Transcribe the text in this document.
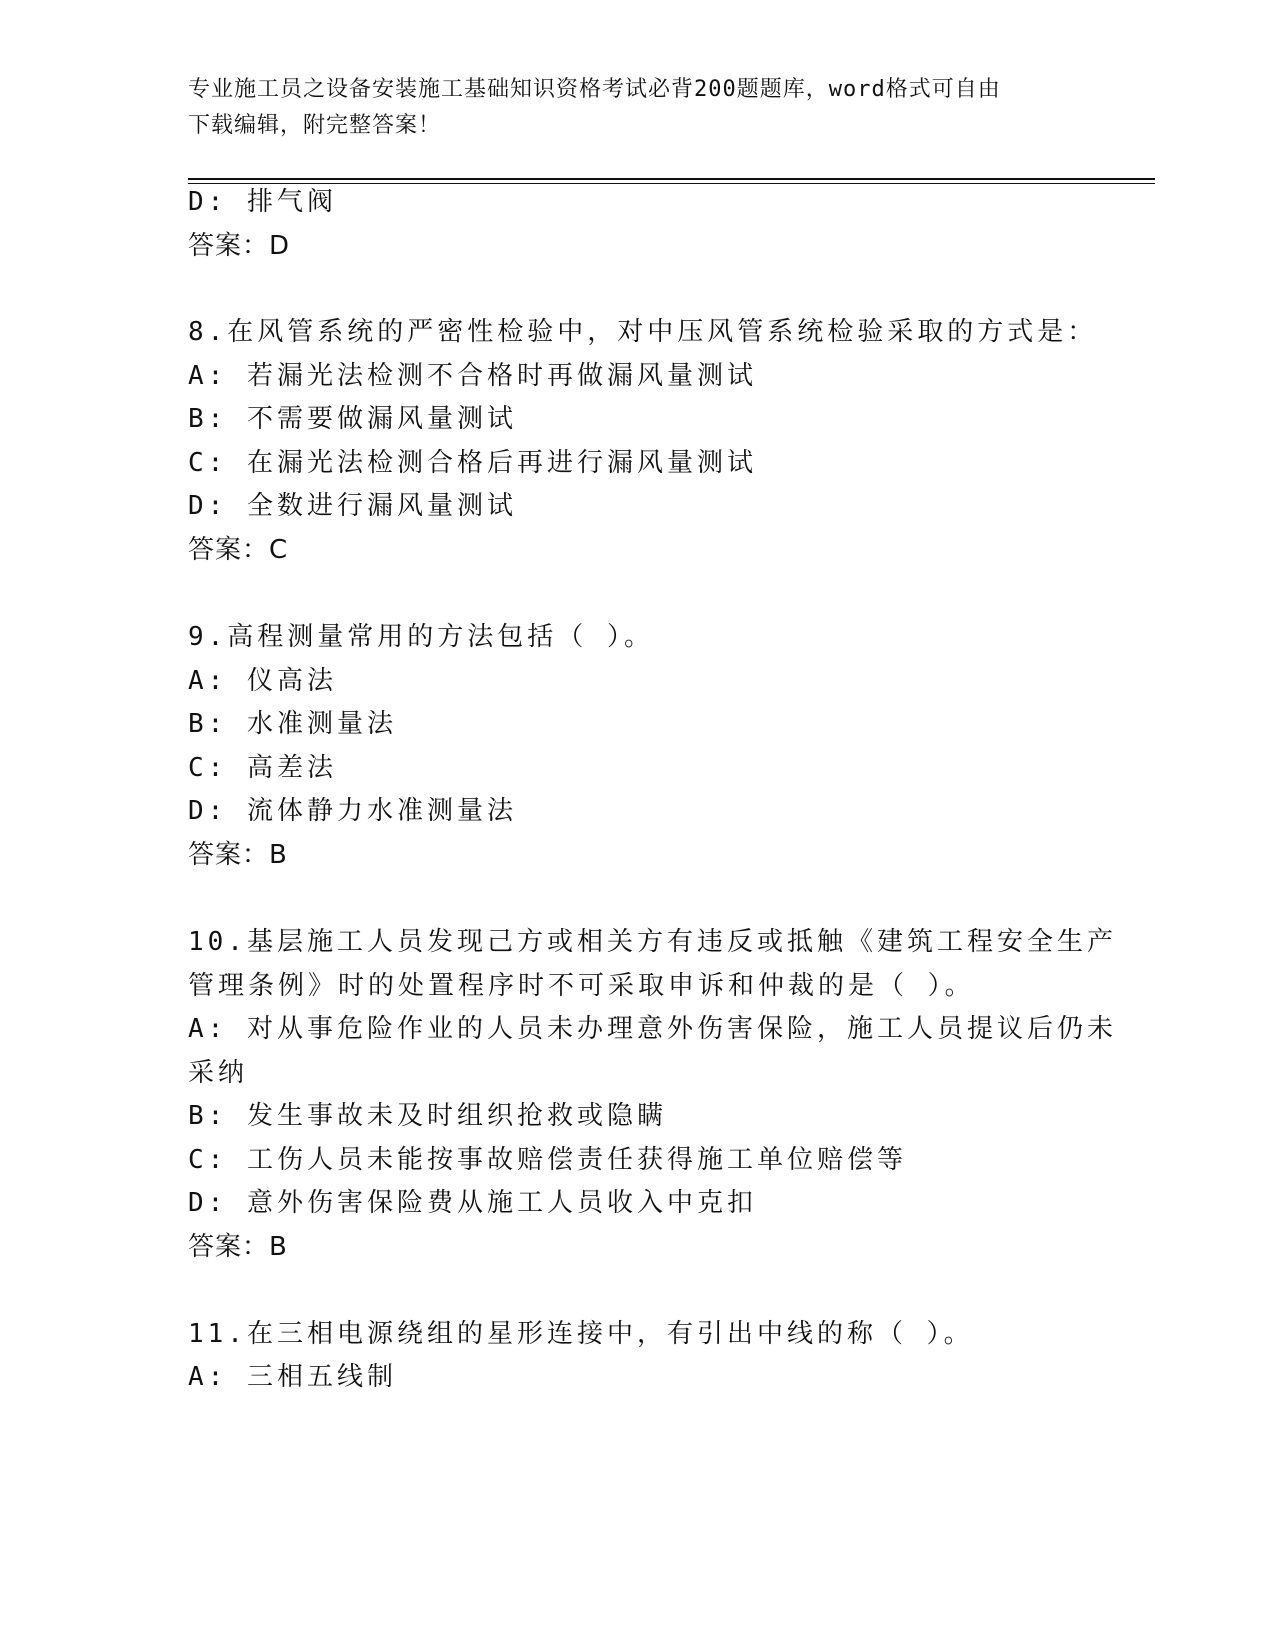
专业施工员之设备安装施工基础知识资格考试必背200题题库，word格式可自由
下载编辑，附完整答案！
D: 排气阀
答案：D
8.在风管系统的严密性检验中，对中压风管系统检验采取的方式是：
A: 若漏光法检测不合格时再做漏风量测试
B: 不需要做漏风量测试
C: 在漏光法检测合格后再进行漏风量测试
D: 全数进行漏风量测试
答案：C
9.高程测量常用的方法包括（ ）。
A: 仪高法
B: 水准测量法
C: 高差法
D: 流体静力水准测量法
答案：B
10.基层施工人员发现己方或相关方有违反或抵触《建筑工程安全生产
管理条例》时的处置程序时不可采取申诉和仲裁的是（ ）。
A: 对从事危险作业的人员未办理意外伤害保险，施工人员提议后仍未
采纳
B: 发生事故未及时组织抢救或隐瞒
C: 工伤人员未能按事故赔偿责任获得施工单位赔偿等
D: 意外伤害保险费从施工人员收入中克扣
答案：B
11.在三相电源绕组的星形连接中，有引出中线的称（ ）。
A: 三相五线制
